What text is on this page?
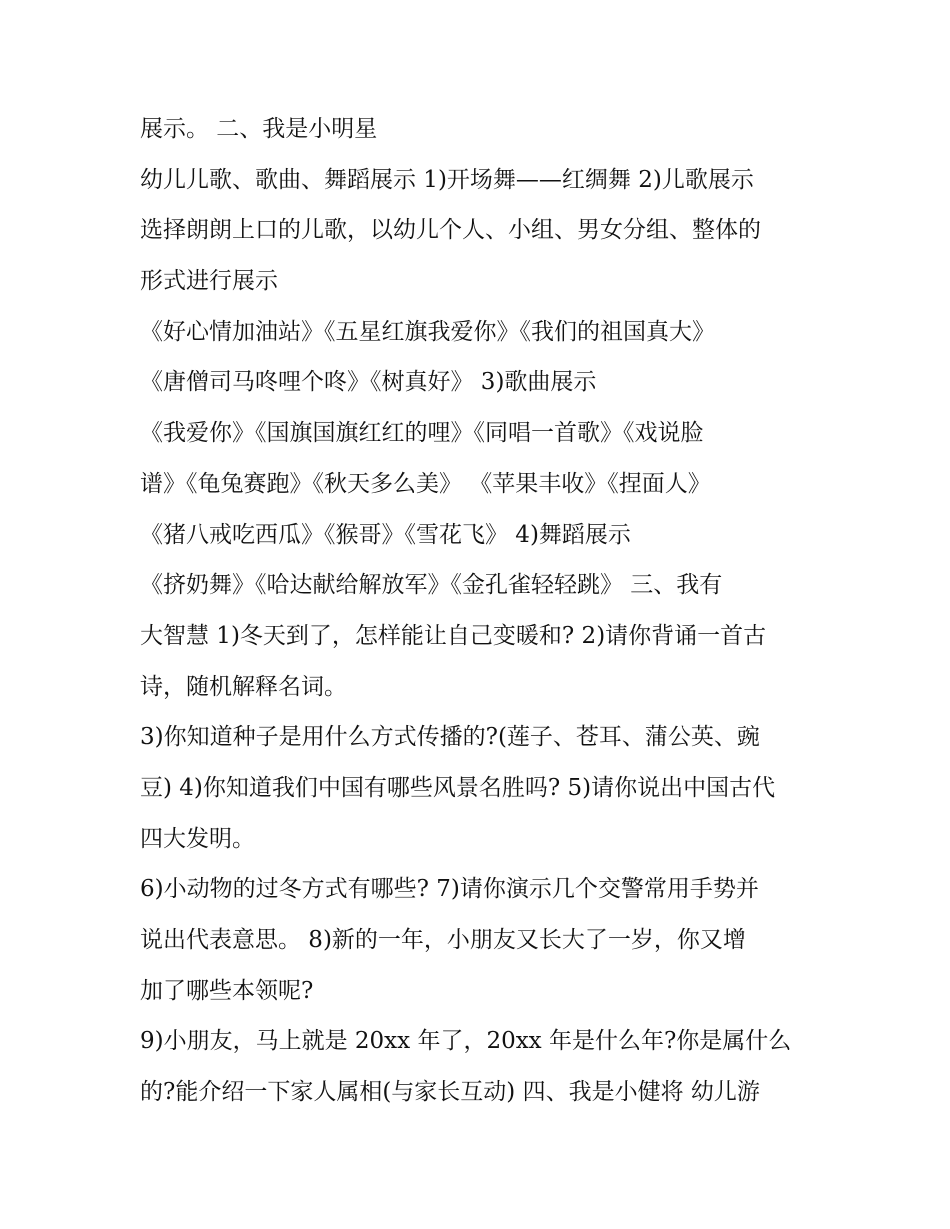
展示。 二、我是小明星
幼儿儿歌、歌曲、舞蹈展示 1)开场舞——红绸舞 2)儿歌展示
选择朗朗上口的儿歌，以幼儿个人、小组、男女分组、整体的
形式进行展示
《好心情加油站》《五星红旗我爱你》《我们的祖国真大》
《唐僧司马咚哩个咚》《树真好》 3)歌曲展示
《我爱你》《国旗国旗红红的哩》《同唱一首歌》《戏说脸
谱》《龟兔赛跑》《秋天多么美》 《苹果丰收》《捏面人》
《猪八戒吃西瓜》《猴哥》《雪花飞》 4)舞蹈展示
《挤奶舞》《哈达献给解放军》《金孔雀轻轻跳》 三、我有
大智慧 1)冬天到了，怎样能让自己变暖和? 2)请你背诵一首古
诗，随机解释名词。
3)你知道种子是用什么方式传播的?(莲子、苍耳、蒲公英、豌
豆) 4)你知道我们中国有哪些风景名胜吗? 5)请你说出中国古代
四大发明。
6)小动物的过冬方式有哪些? 7)请你演示几个交警常用手势并
说出代表意思。 8)新的一年，小朋友又长大了一岁，你又增
加了哪些本领呢?
9)小朋友，马上就是 20xx 年了，20xx 年是什么年?你是属什么
的?能介绍一下家人属相(与家长互动) 四、我是小健将 幼儿游
